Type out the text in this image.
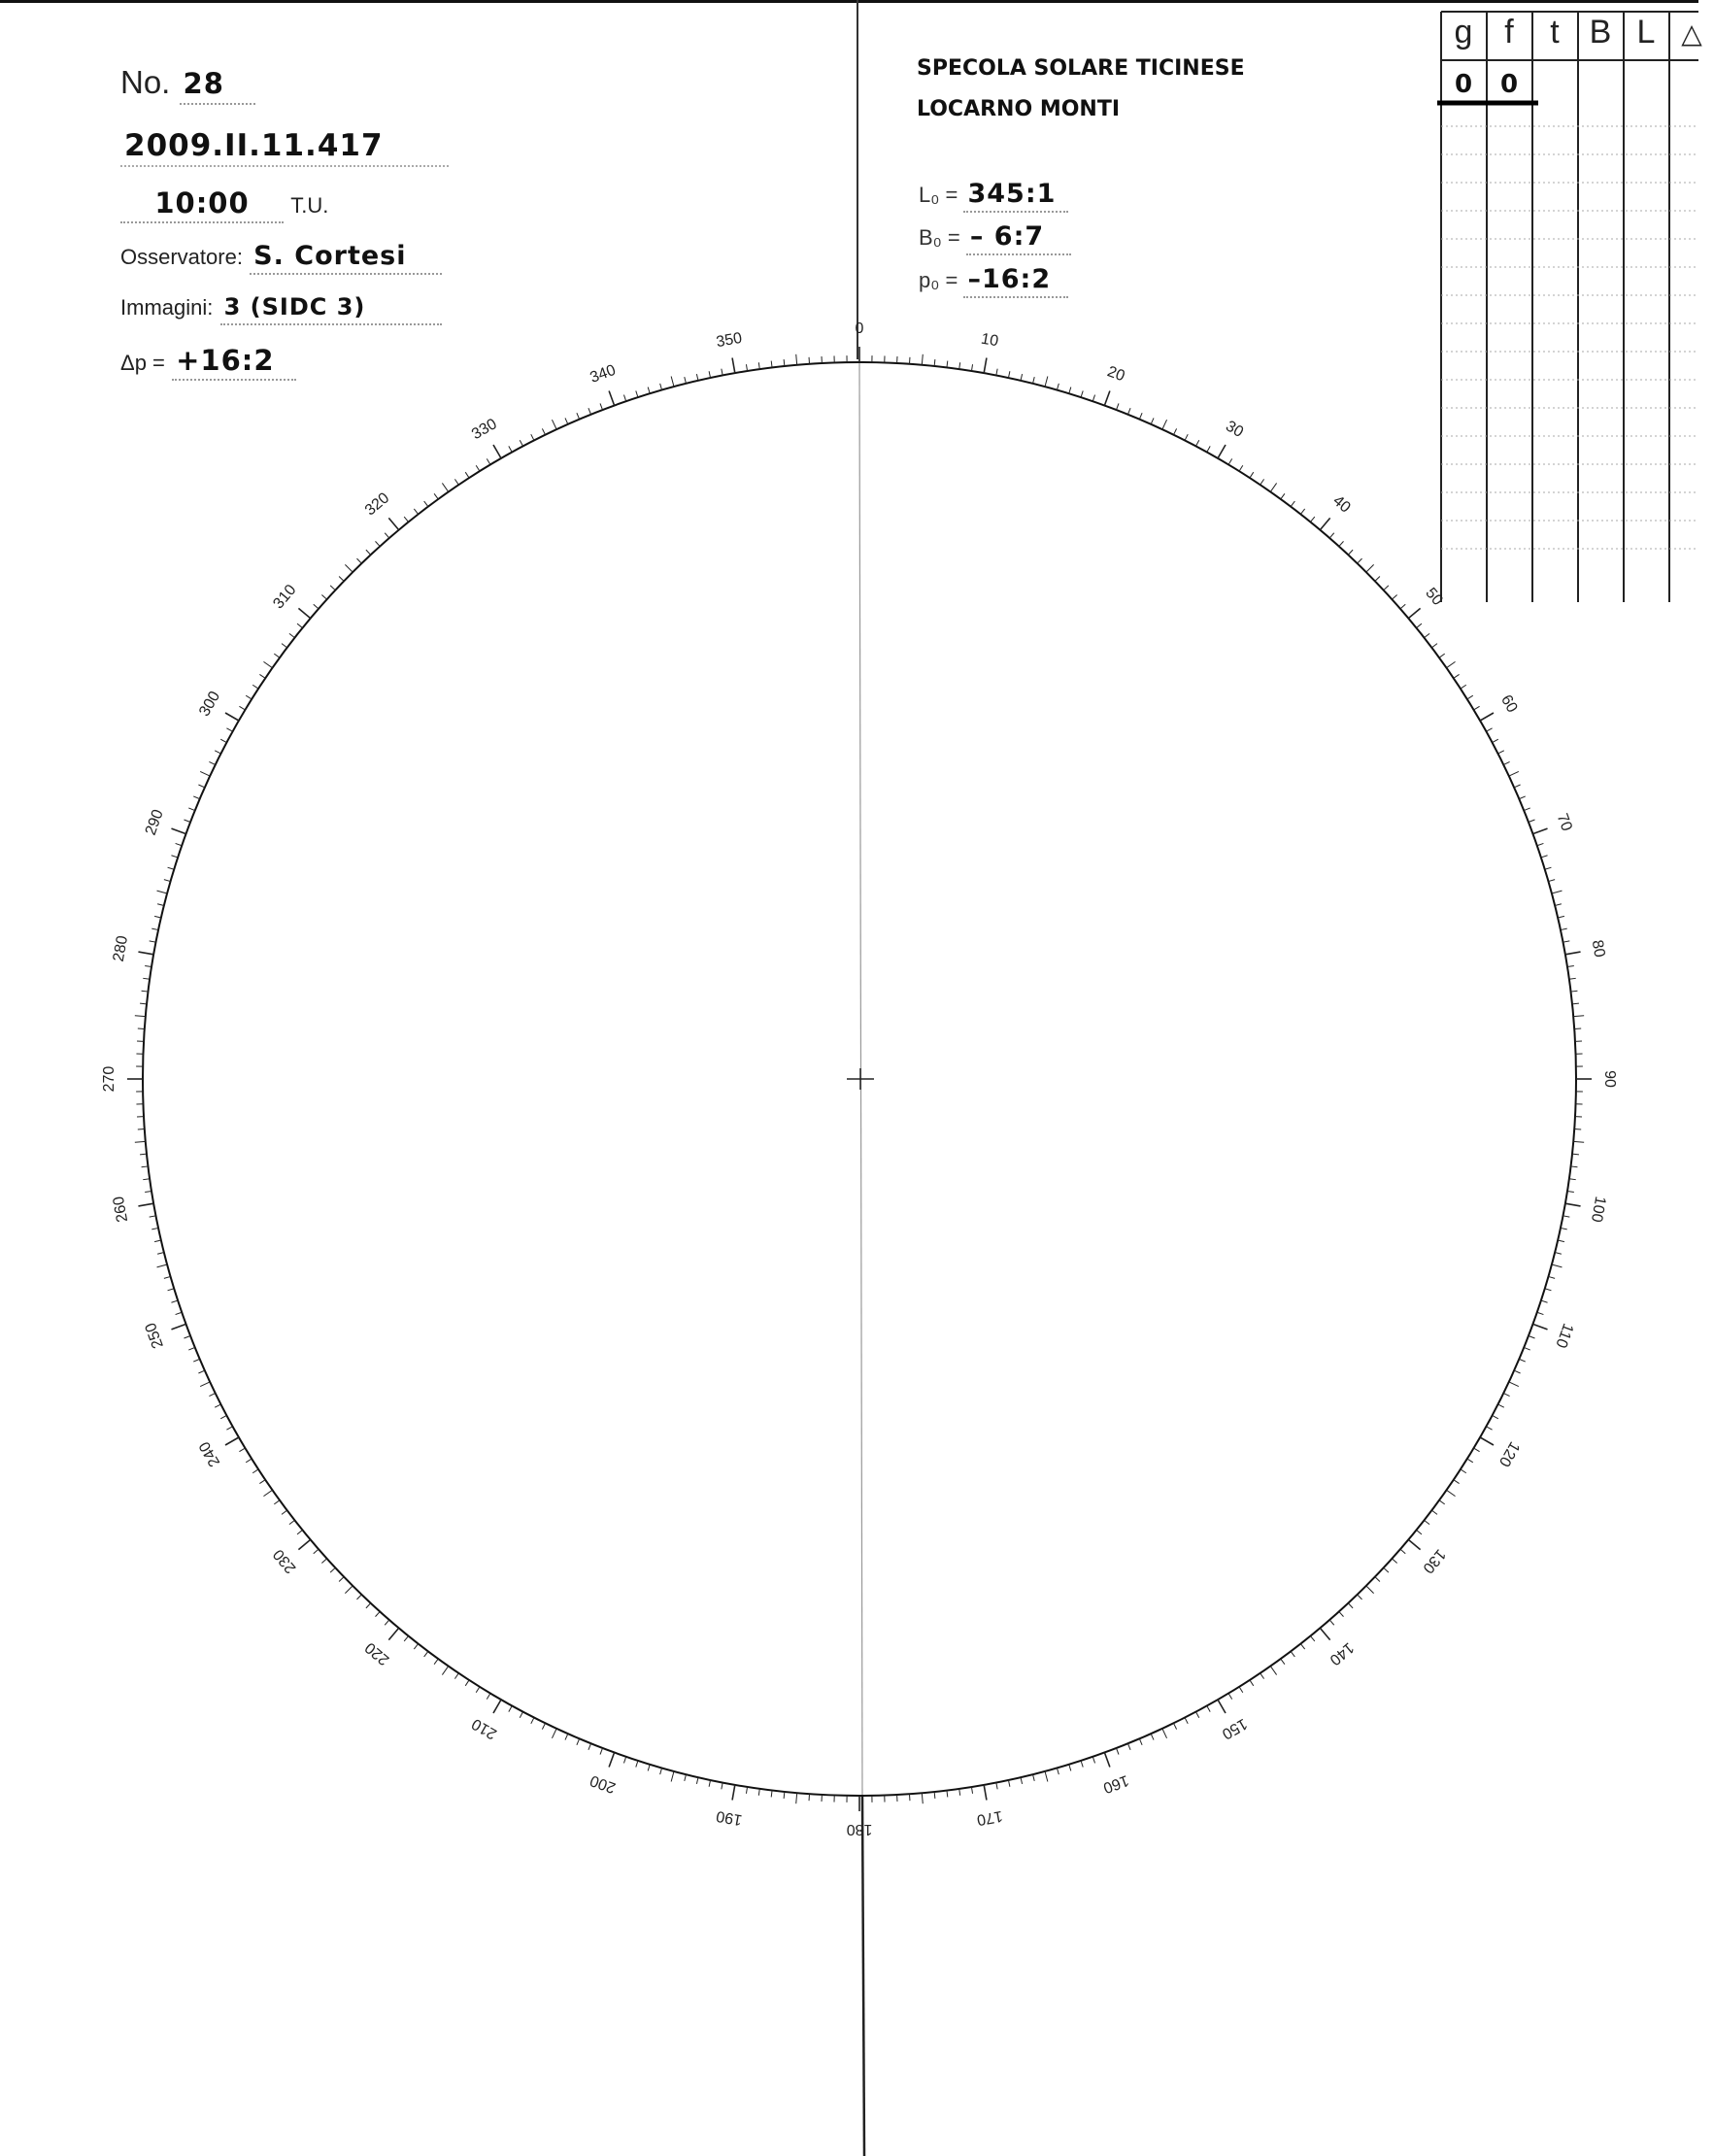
No. 28
2009.II.11.417
10:00 T.U.
Osservatore: S. Cortesi
Immagini: 3 (SIDC 3)
Δp = +16:2
SPECOLA SOLARE TICINESE
LOCARNO MONTI
L₀ = 345:1
B₀ = – 6:7
p₀ = –16:2
g f	t B L △
0	0
0
10
20
30
40
50
60
70
80
90
100
110
120
130
140
150
160
170
180
190
200
210
220
230
240
250
260
270
280
290
300
310
320
330
340
350
